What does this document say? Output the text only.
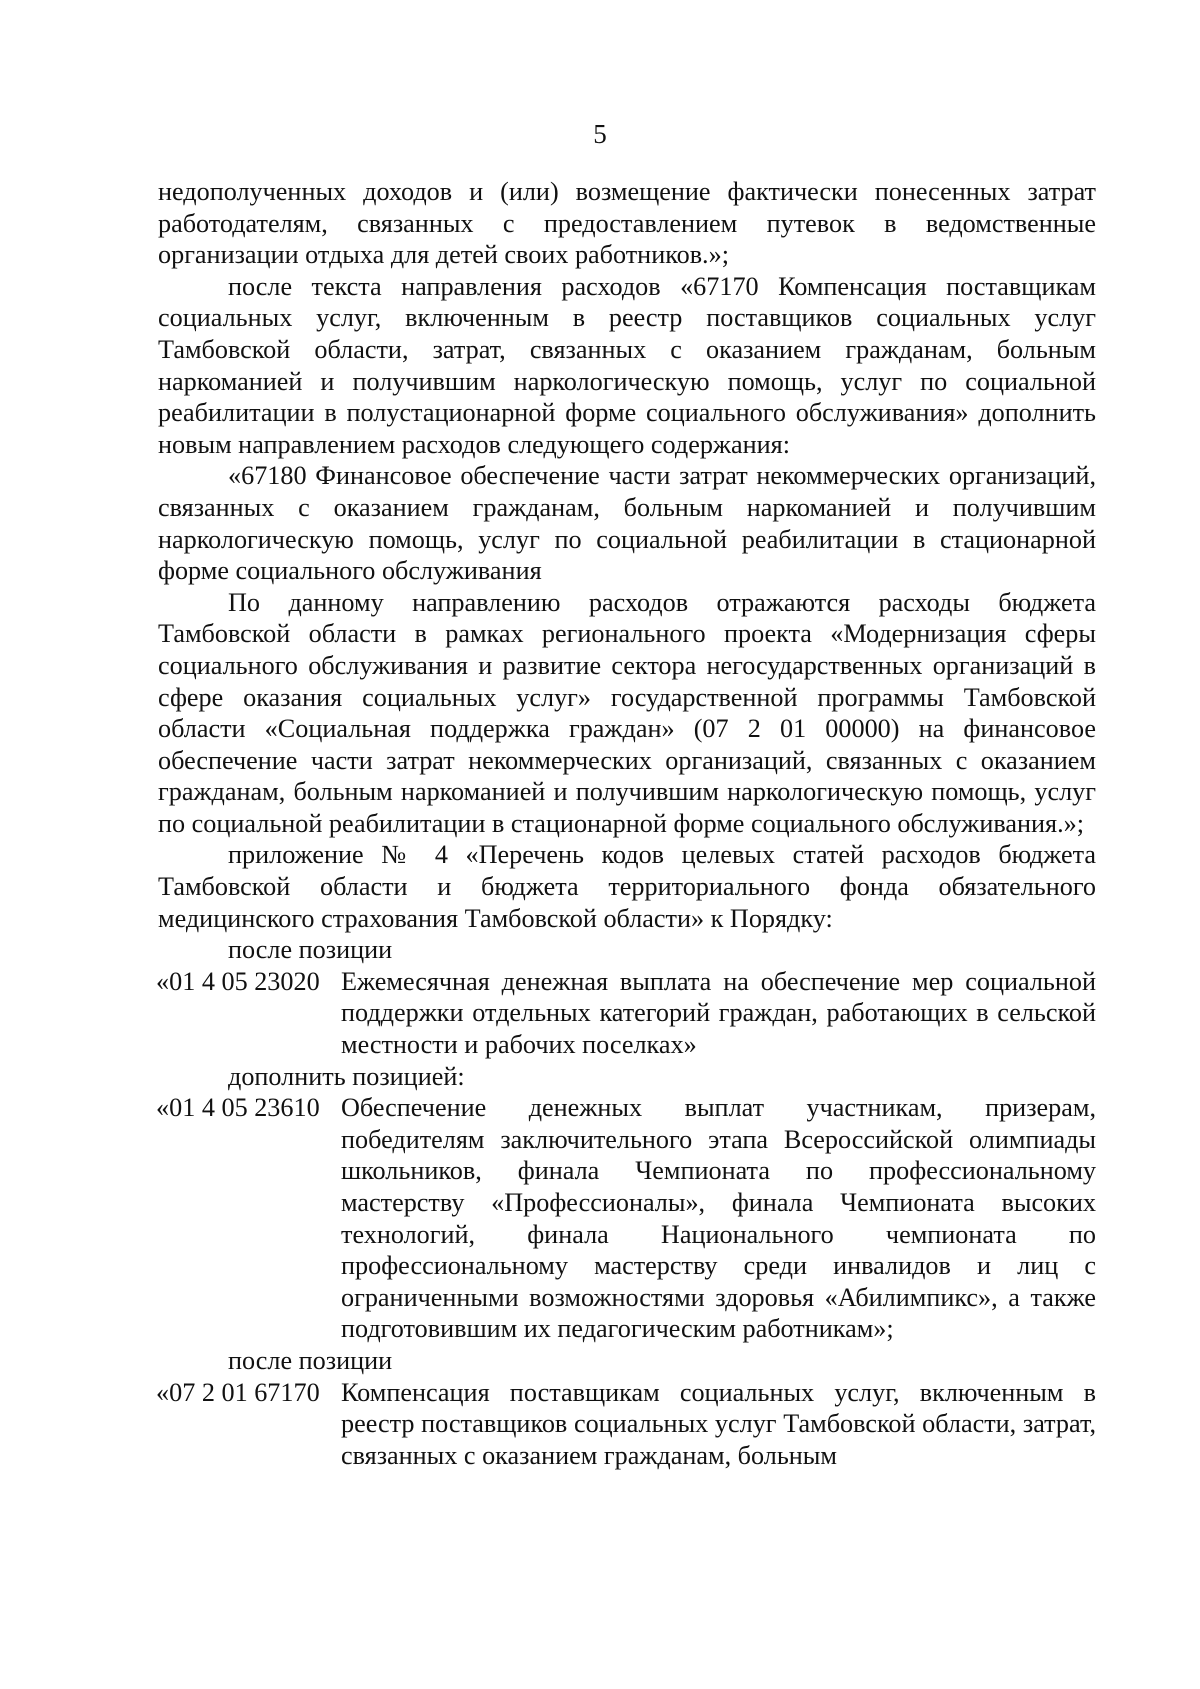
5

недополученных доходов и (или) возмещение фактически понесенных затрат работодателям, связанных с предоставлением путевок в ведомственные организации отдыха для детей своих работников.»;

после текста направления расходов «67170 Компенсация поставщикам социальных услуг, включенным в реестр поставщиков социальных услуг Тамбовской области, затрат, связанных с оказанием гражданам, больным наркоманией и получившим наркологическую помощь, услуг по социальной реабилитации в полустационарной форме социального обслуживания» дополнить новым направлением расходов следующего содержания:

«67180 Финансовое обеспечение части затрат некоммерческих организаций, связанных с оказанием гражданам, больным наркоманией и получившим наркологическую помощь, услуг по социальной реабилитации в стационарной форме социального обслуживания

По данному направлению расходов отражаются расходы бюджета Тамбовской области в рамках регионального проекта «Модернизация сферы социального обслуживания и развитие сектора негосударственных организаций в сфере оказания социальных услуг» государственной программы Тамбовской области «Социальная поддержка граждан» (07 2 01 00000) на финансовое обеспечение части затрат некоммерческих организаций, связанных с оказанием гражданам, больным наркоманией и получившим наркологическую помощь, услуг по социальной реабилитации в стационарной форме социального обслуживания.»;

приложение № 4 «Перечень кодов целевых статей расходов бюджета Тамбовской области и бюджета территориального фонда обязательного медицинского страхования Тамбовской области» к Порядку:

после позиции

«01 4 05 23020 Ежемесячная денежная выплата на обеспечение мер социальной поддержки отдельных категорий граждан, работающих в сельской местности и рабочих поселках»

дополнить позицией:

«01 4 05 23610 Обеспечение денежных выплат участникам, призерам, победителям заключительного этапа Всероссийской олимпиады школьников, финала Чемпионата по профессиональному мастерству «Профессионалы», финала Чемпионата высоких технологий, финала Национального чемпионата по профессиональному мастерству среди инвалидов и лиц с ограниченными возможностями здоровья «Абилимпикс», а также подготовившим их педагогическим работникам»;

после позиции

«07 2 01 67170 Компенсация поставщикам социальных услуг, включенным в реестр поставщиков социальных услуг Тамбовской области, затрат, связанных с оказанием гражданам, больным
